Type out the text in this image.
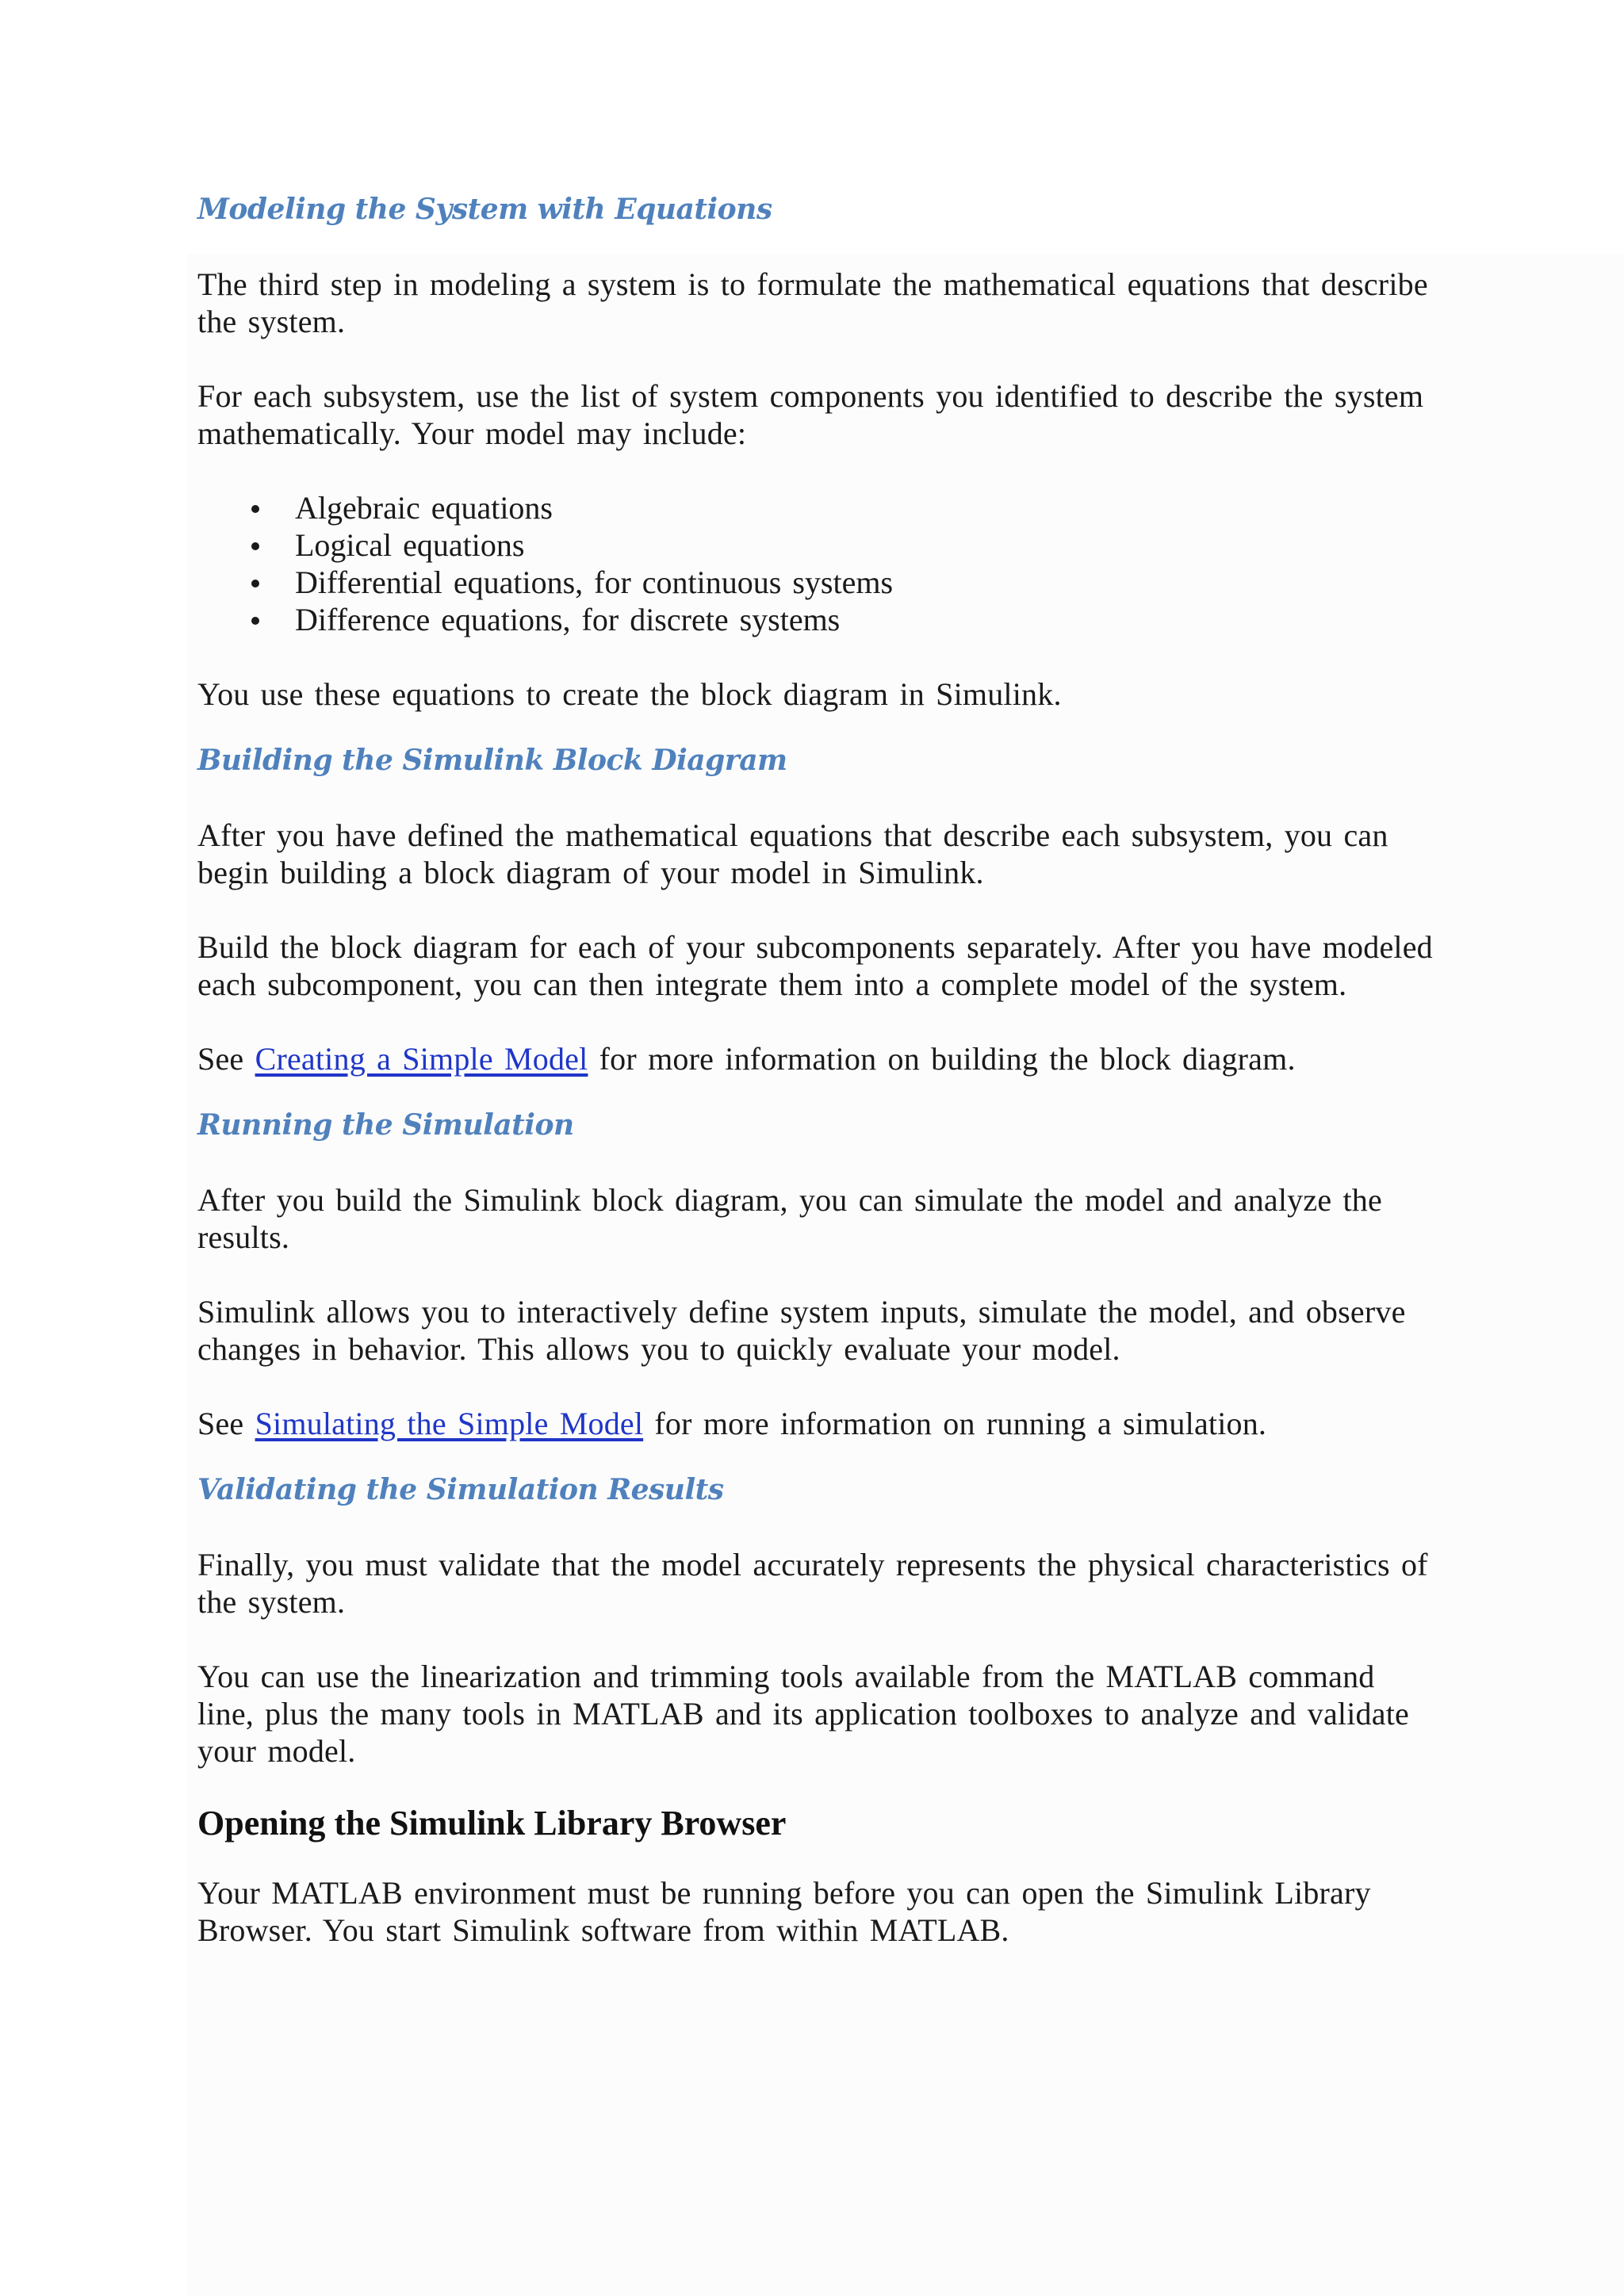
Modeling the System with Equations

The third step in modeling a system is to formulate the mathematical equations that describe the system.

For each subsystem, use the list of system components you identified to describe the system mathematically. Your model may include:

Algebraic equations
Logical equations
Differential equations, for continuous systems
Difference equations, for discrete systems

You use these equations to create the block diagram in Simulink.

Building the Simulink Block Diagram

After you have defined the mathematical equations that describe each subsystem, you can begin building a block diagram of your model in Simulink.

Build the block diagram for each of your subcomponents separately. After you have modeled each subcomponent, you can then integrate them into a complete model of the system.

See Creating a Simple Model for more information on building the block diagram.

Running the Simulation

After you build the Simulink block diagram, you can simulate the model and analyze the results.

Simulink allows you to interactively define system inputs, simulate the model, and observe changes in behavior. This allows you to quickly evaluate your model.

See Simulating the Simple Model for more information on running a simulation.

Validating the Simulation Results

Finally, you must validate that the model accurately represents the physical characteristics of the system.

You can use the linearization and trimming tools available from the MATLAB command line, plus the many tools in MATLAB and its application toolboxes to analyze and validate your model.

Opening the Simulink Library Browser

Your MATLAB environment must be running before you can open the Simulink Library Browser. You start Simulink software from within MATLAB.
